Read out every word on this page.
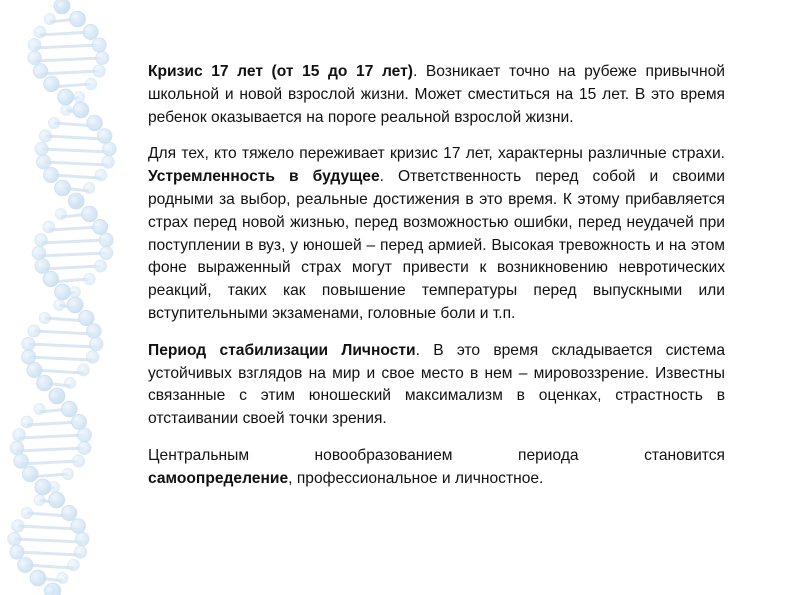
Кризис 17 лет (от 15 до 17 лет). Возникает точно на рубеже привычной школьной и новой взрослой жизни. Может сместиться на 15 лет. В это время ребенок оказывается на пороге реальной взрослой жизни.

Для тех, кто тяжело переживает кризис 17 лет, характерны различные страхи. Устремленность в будущее. Ответственность перед собой и своими родными за выбор, реальные достижения в это время. К этому прибавляется страх перед новой жизнью, перед возможностью ошибки, перед неудачей при поступлении в вуз, у юношей – перед армией. Высокая тревожность и на этом фоне выраженный страх могут привести к возникновению невротических реакций, таких как повышение температуры перед выпускными или вступительными экзаменами, головные боли и т.п.

Период стабилизации Личности. В это время складывается система устойчивых взглядов на мир и свое место в нем – мировоззрение. Известны связанные с этим юношеский максимализм в оценках, страстность в отстаивании своей точки зрения.

Центральным новообразованием периода становится
самоопределение, профессиональное и личностное.
